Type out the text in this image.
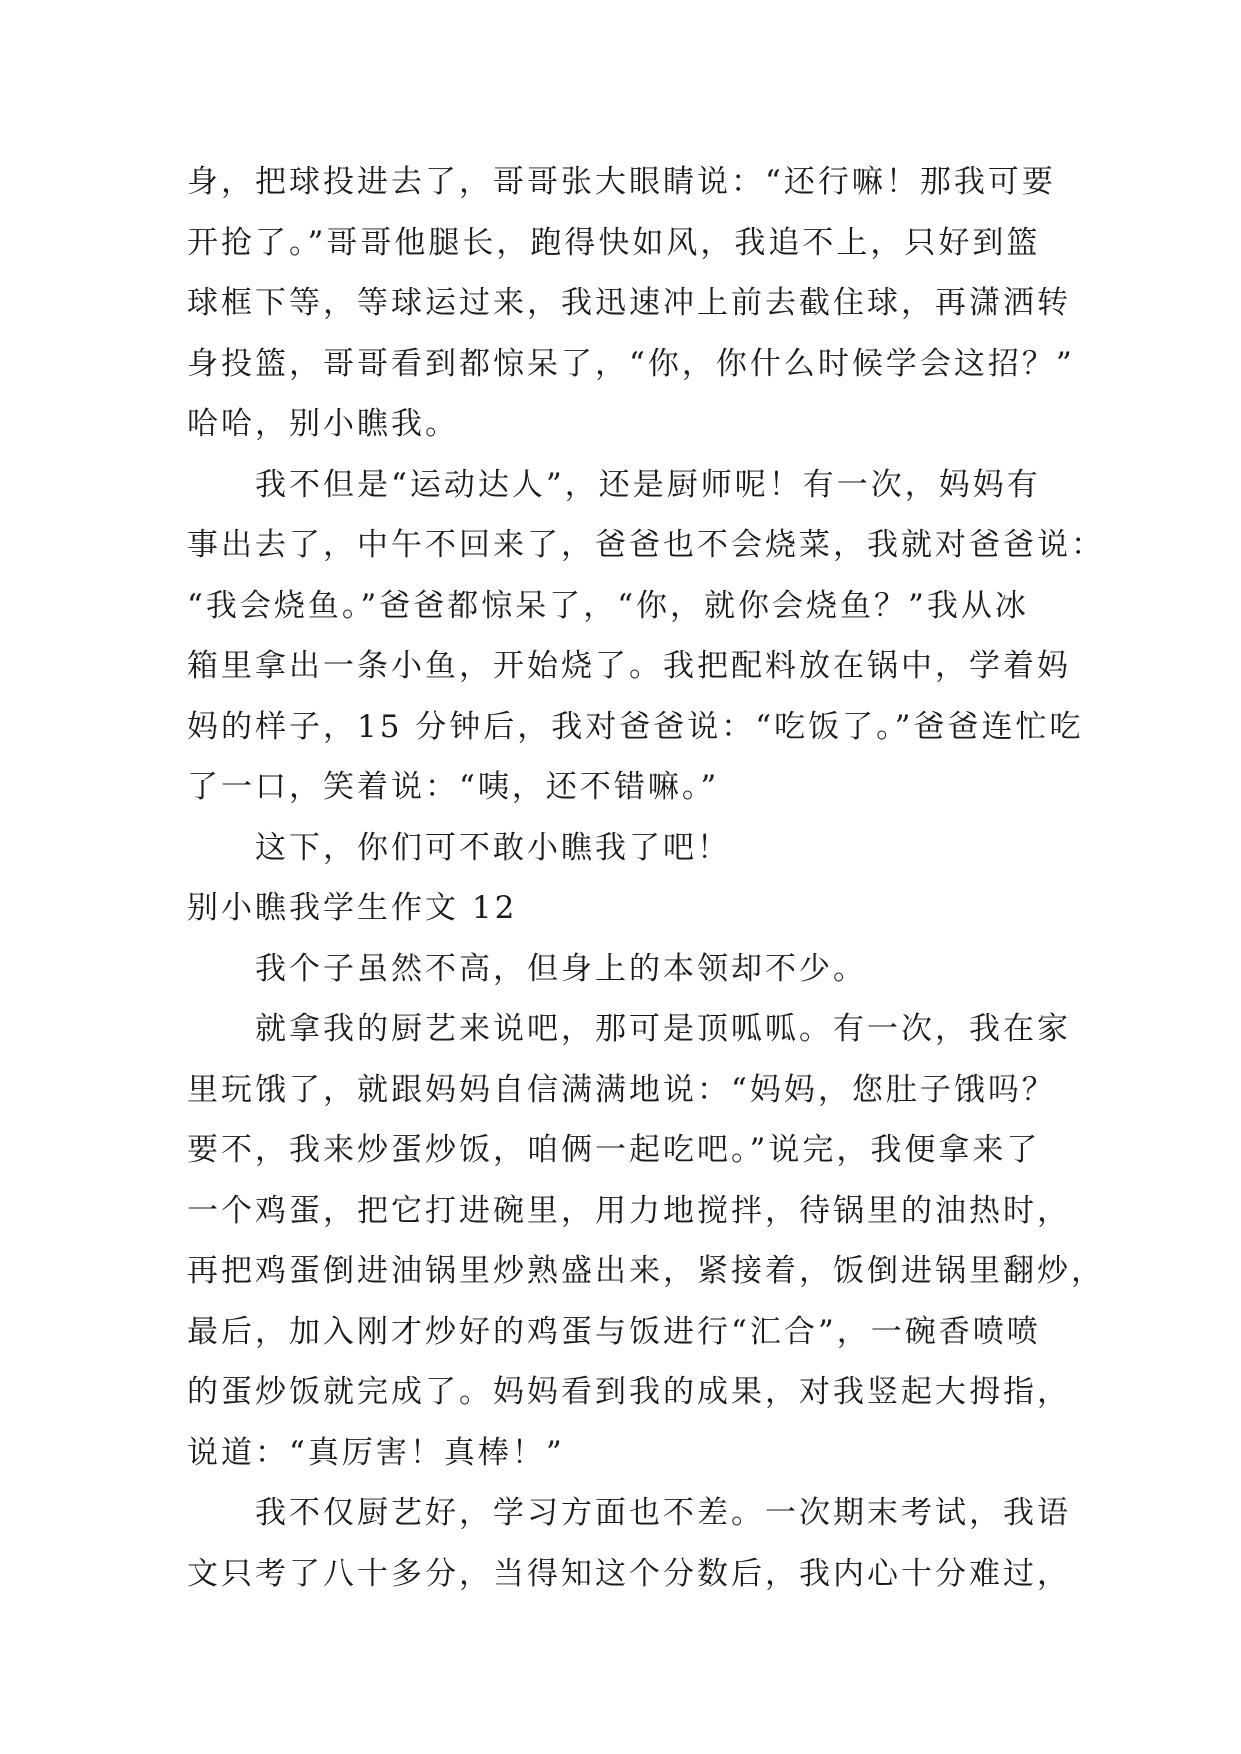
身，把球投进去了，哥哥张大眼睛说：“还行嘛！那我可要
开抢了。”哥哥他腿长，跑得快如风，我追不上，只好到篮
球框下等，等球运过来，我迅速冲上前去截住球，再潇洒转
身投篮，哥哥看到都惊呆了，“你，你什么时候学会这招？”
哈哈，别小瞧我。
我不但是“运动达人”，还是厨师呢！有一次，妈妈有
事出去了，中午不回来了，爸爸也不会烧菜，我就对爸爸说：
“我会烧鱼。”爸爸都惊呆了，“你，就你会烧鱼？”我从冰
箱里拿出一条小鱼，开始烧了。我把配料放在锅中，学着妈
妈的样子，15 分钟后，我对爸爸说：“吃饭了。”爸爸连忙吃
了一口，笑着说：“咦，还不错嘛。”
这下，你们可不敢小瞧我了吧！
别小瞧我学生作文 12
我个子虽然不高，但身上的本领却不少。
就拿我的厨艺来说吧，那可是顶呱呱。有一次，我在家
里玩饿了，就跟妈妈自信满满地说：“妈妈，您肚子饿吗？
要不，我来炒蛋炒饭，咱俩一起吃吧。”说完，我便拿来了
一个鸡蛋，把它打进碗里，用力地搅拌，待锅里的油热时，
再把鸡蛋倒进油锅里炒熟盛出来，紧接着，饭倒进锅里翻炒，
最后，加入刚才炒好的鸡蛋与饭进行“汇合”，一碗香喷喷
的蛋炒饭就完成了。妈妈看到我的成果，对我竖起大拇指，
说道：“真厉害！真棒！”
我不仅厨艺好，学习方面也不差。一次期末考试，我语
文只考了八十多分，当得知这个分数后，我内心十分难过，
